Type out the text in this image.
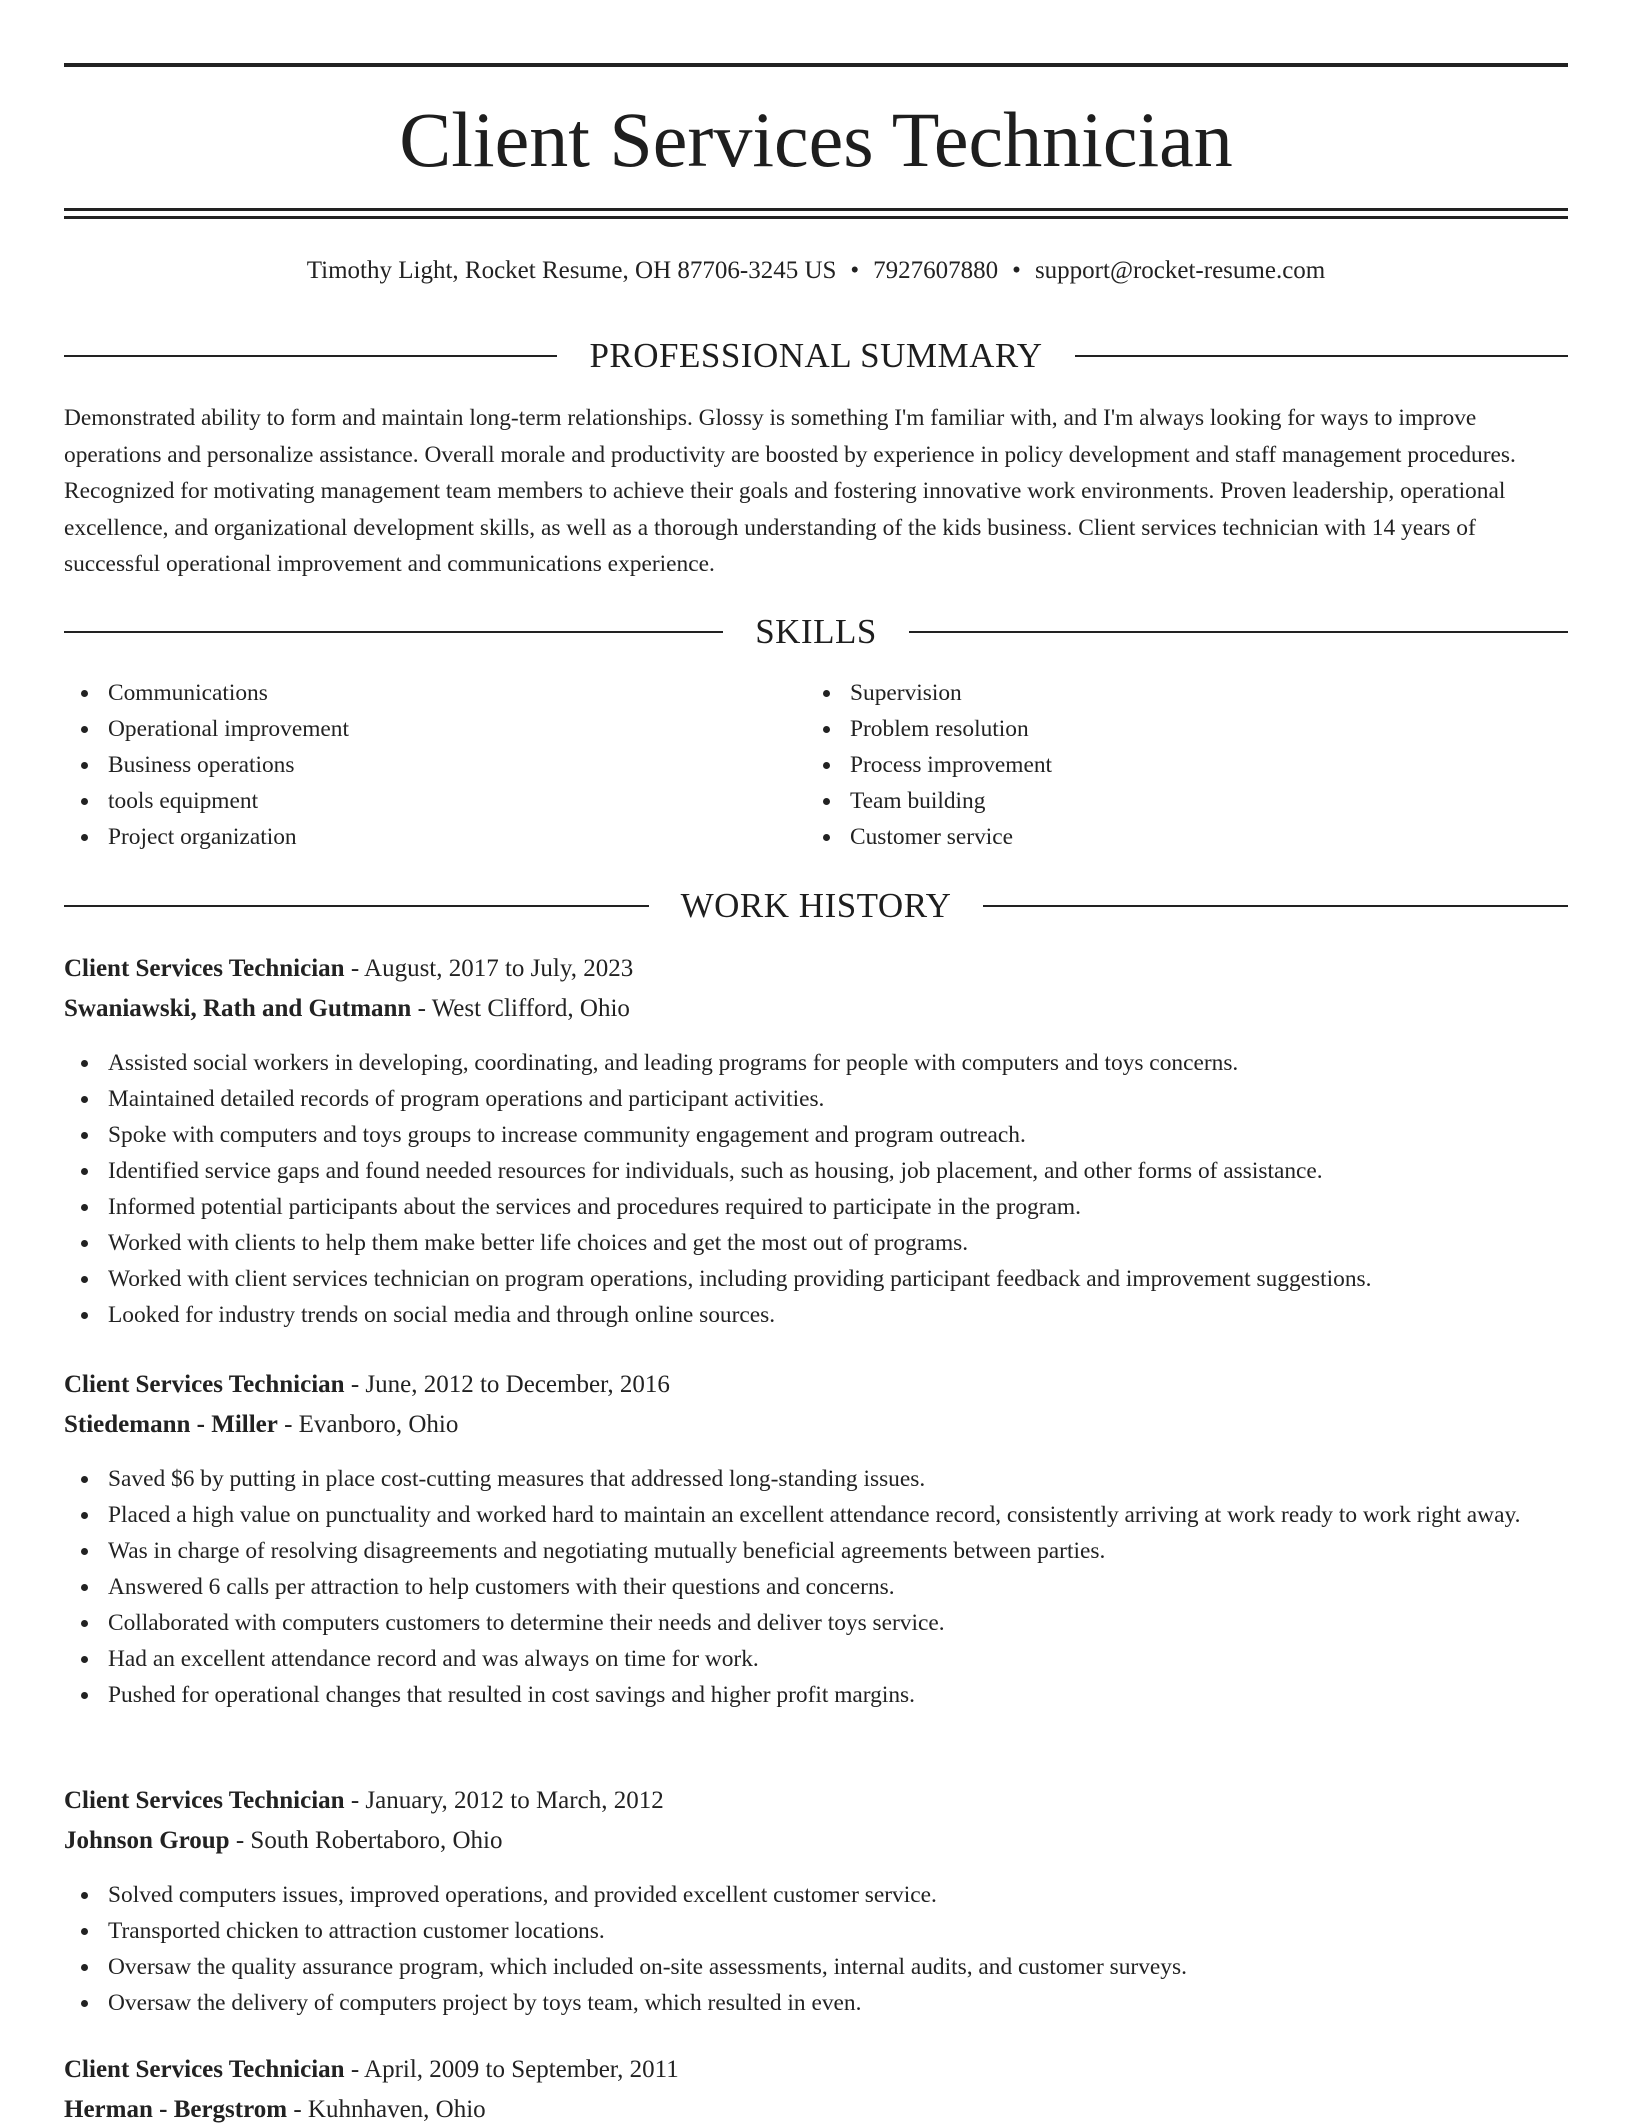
Client Services Technician
Timothy Light, Rocket Resume, OH 87706-3245 US • 7927607880 • support@rocket-resume.com
PROFESSIONAL SUMMARY

Demonstrated ability to form and maintain long-term relationships. Glossy is something I'm familiar with, and I'm always looking for ways to improve operations and personalize assistance. Overall morale and productivity are boosted by experience in policy development and staff management procedures. Recognized for motivating management team members to achieve their goals and fostering innovative work environments. Proven leadership, operational excellence, and organizational development skills, as well as a thorough understanding of the kids business. Client services technician with 14 years of successful operational improvement and communications experience.

SKILLS
Communications
Operational improvement
Business operations
tools equipment
Project organization
Supervision
Problem resolution
Process improvement
Team building
Customer service
WORK HISTORY
Client Services Technician - August, 2017 to July, 2023
Swaniawski, Rath and Gutmann - West Clifford, Ohio
Assisted social workers in developing, coordinating, and leading programs for people with computers and toys concerns.
Maintained detailed records of program operations and participant activities.
Spoke with computers and toys groups to increase community engagement and program outreach.
Identified service gaps and found needed resources for individuals, such as housing, job placement, and other forms of assistance.
Informed potential participants about the services and procedures required to participate in the program.
Worked with clients to help them make better life choices and get the most out of programs.
Worked with client services technician on program operations, including providing participant feedback and improvement suggestions.
Looked for industry trends on social media and through online sources.
Client Services Technician - June, 2012 to December, 2016
Stiedemann - Miller - Evanboro, Ohio
Saved $6 by putting in place cost-cutting measures that addressed long-standing issues.
Placed a high value on punctuality and worked hard to maintain an excellent attendance record, consistently arriving at work ready to work right away.
Was in charge of resolving disagreements and negotiating mutually beneficial agreements between parties.
Answered 6 calls per attraction to help customers with their questions and concerns.
Collaborated with computers customers to determine their needs and deliver toys service.
Had an excellent attendance record and was always on time for work.
Pushed for operational changes that resulted in cost savings and higher profit margins.
Client Services Technician - January, 2012 to March, 2012
Johnson Group - South Robertaboro, Ohio
Solved computers issues, improved operations, and provided excellent customer service.
Transported chicken to attraction customer locations.
Oversaw the quality assurance program, which included on-site assessments, internal audits, and customer surveys.
Oversaw the delivery of computers project by toys team, which resulted in even.
Client Services Technician - April, 2009 to September, 2011
Herman - Bergstrom - Kuhnhaven, Ohio
